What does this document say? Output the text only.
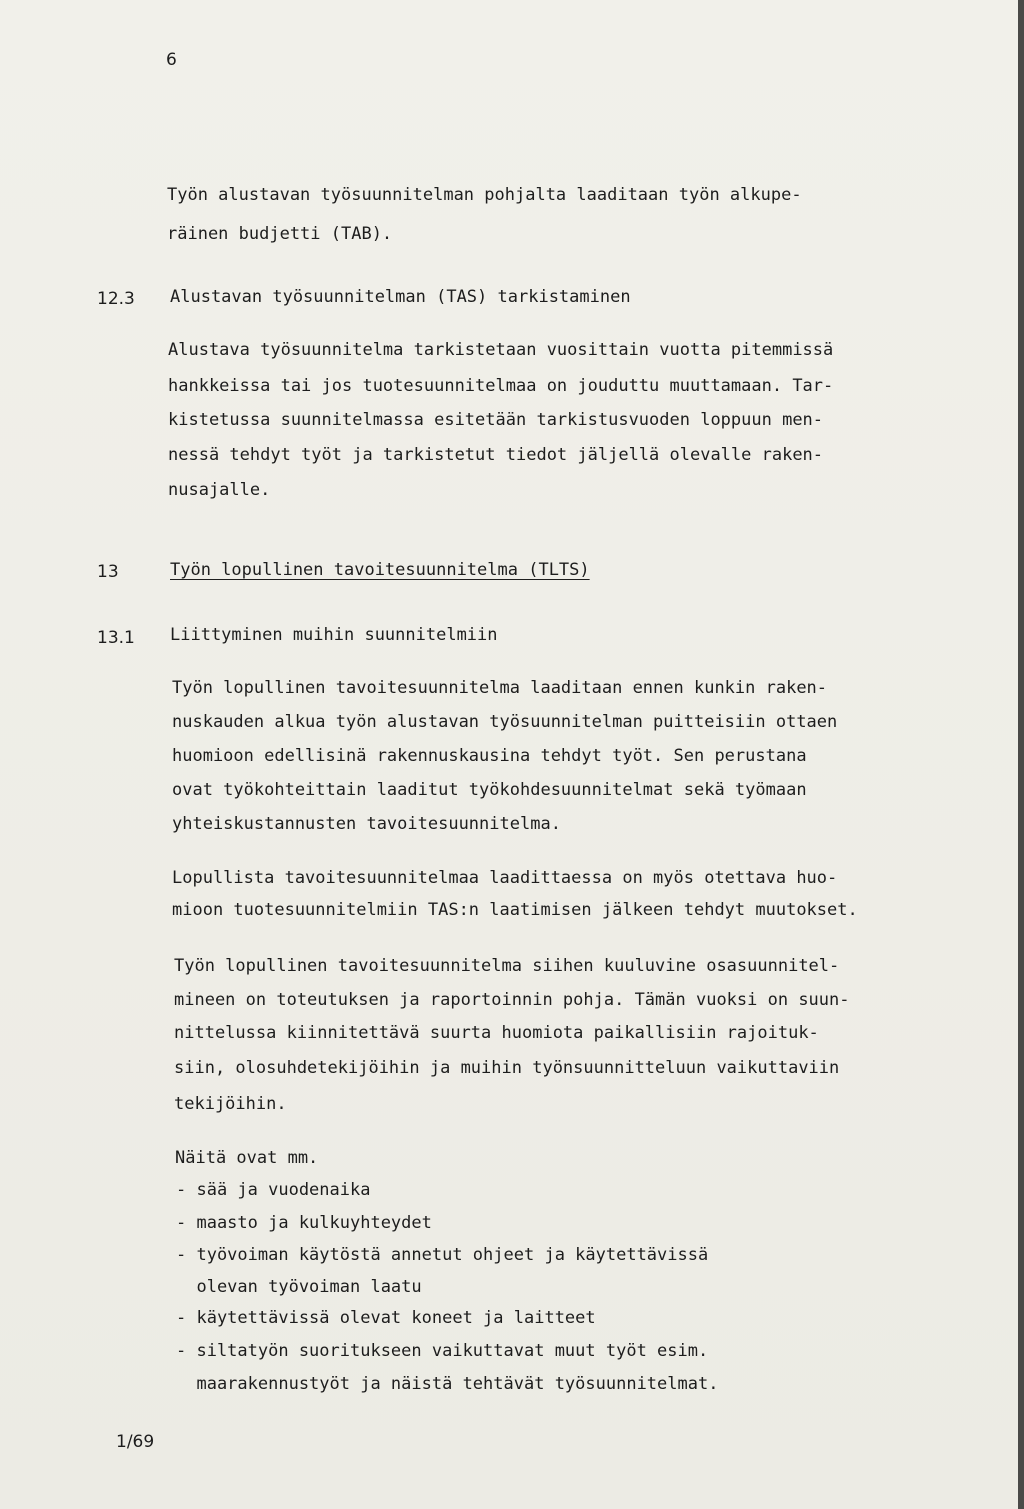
6
Työn alustavan työsuunnitelman pohjalta laaditaan työn alkupe-
räinen budjetti (TAB).
12.3 Alustavan työsuunnitelman (TAS) tarkistaminen
Alustava työsuunnitelma tarkistetaan vuosittain vuotta pitemmissä
hankkeissa tai jos tuotesuunnitelmaa on jouduttu muuttamaan. Tar-
kistetussa suunnitelmassa esitetään tarkistusvuoden loppuun men-
nessä tehdyt työt ja tarkistetut tiedot jäljellä olevalle raken-
nusajalle.
13	Työn lopullinen tavoitesuunnitelma (TLTS)
13.1 Liittyminen muihin suunnitelmiin
Työn lopullinen tavoitesuunnitelma laaditaan ennen kunkin raken-
nuskauden alkua työn alustavan työsuunnitelman puitteisiin ottaen
huomioon edellisinä rakennuskausina tehdyt työt. Sen perustana
ovat työkohteittain laaditut työkohdesuunnitelmat sekä työmaan
yhteiskustannusten tavoitesuunnitelma.
Lopullista tavoitesuunnitelmaa laadittaessa on myös otettava huo-
mioon tuotesuunnitelmiin TAS:n laatimisen jälkeen tehdyt muutokset.
Työn lopullinen tavoitesuunnitelma siihen kuuluvine osasuunnitel-
mineen on toteutuksen ja raportoinnin pohja. Tämän vuoksi on suun-
nittelussa kiinnitettävä suurta huomiota paikallisiin rajoituk-
siin, olosuhdetekijöihin ja muihin työnsuunnitteluun vaikuttaviin
tekijöihin.
Näitä ovat mm.
- sää ja vuodenaika
- maasto ja kulkuyhteydet
- työvoiman käytöstä annetut ohjeet ja käytettävissä
olevan työvoiman laatu
- käytettävissä olevat koneet ja laitteet
- siltatyön suoritukseen vaikuttavat muut työt esim.
maarakennustyöt ja näistä tehtävät työsuunnitelmat.
1/69
